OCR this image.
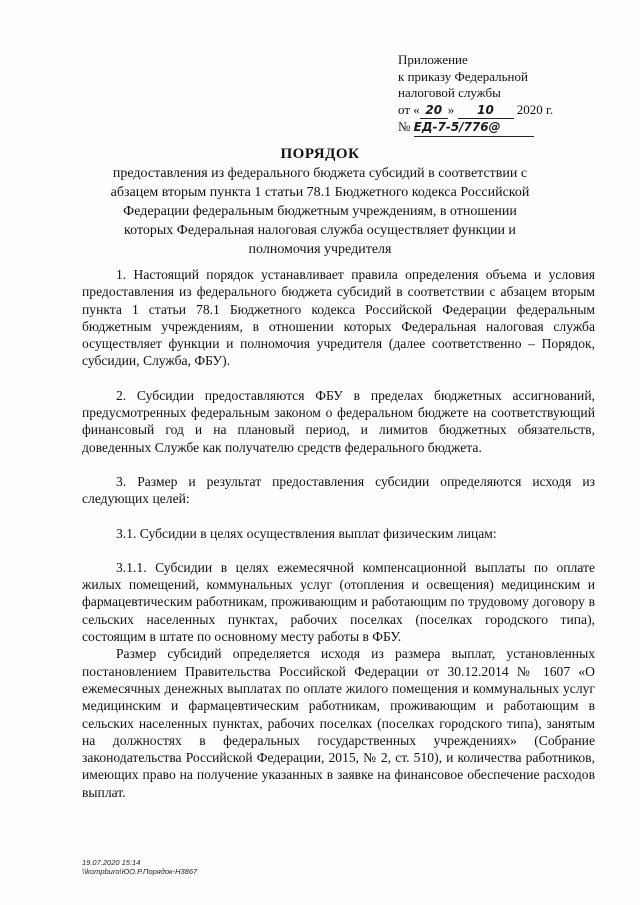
Приложение
к приказу Федеральной
налоговой службы
от « 20 » 10 2020 г.
№ ЕД-7-5/776@
ПОРЯДОК
предоставления из федерального бюджета субсидий в соответствии с абзацем вторым пункта 1 статьи 78.1 Бюджетного кодекса Российской Федерации федеральным бюджетным учреждениям, в отношении которых Федеральная налоговая служба осуществляет функции и полномочия учредителя

1. Настоящий порядок устанавливает правила определения объема и условия предоставления из федерального бюджета субсидий в соответствии с абзацем вторым пункта 1 статьи 78.1 Бюджетного кодекса Российской Федерации федеральным бюджетным учреждениям, в отношении которых Федеральная налоговая служба осуществляет функции и полномочия учредителя (далее соответственно – Порядок, субсидии, Служба, ФБУ).

2. Субсидии предоставляются ФБУ в пределах бюджетных ассигнований, предусмотренных федеральным законом о федеральном бюджете на соответствующий финансовый год и на плановый период, и лимитов бюджетных обязательств, доведенных Службе как получателю средств федерального бюджета.

3. Размер и результат предоставления субсидии определяются исходя из следующих целей:

3.1. Субсидии в целях осуществления выплат физическим лицам:

3.1.1. Субсидии в целях ежемесячной компенсационной выплаты по оплате жилых помещений, коммунальных услуг (отопления и освещения) медицинским и фармацевтическим работникам, проживающим и работающим по трудовому договору в сельских населенных пунктах, рабочих поселках (поселках городского типа), состоящим в штате по основному месту работы в ФБУ.

Размер субсидий определяется исходя из размера выплат, установленных постановлением Правительства Российской Федерации от 30.12.2014 № 1607 «О ежемесячных денежных выплатах по оплате жилого помещения и коммунальных услуг медицинским и фармацевтическим работникам, проживающим и работающим в сельских населенных пунктах, рабочих поселках (поселках городского типа), занятым на должностях в федеральных государственных учреждениях» (Собрание законодательства Российской Федерации, 2015, № 2, ст. 510), и количества работников, имеющих право на получение указанных в заявке на финансовое обеспечение расходов выплат.

19.07.2020 15:14
\\kompburo\ЮО.Р.Порядок-Н3867
